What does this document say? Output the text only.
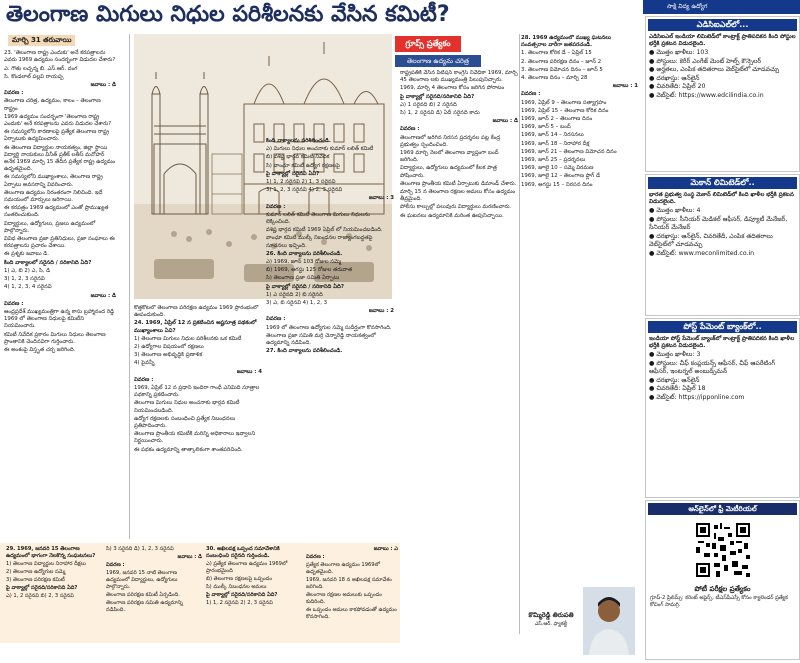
తెలంగాణ మిగులు నిధుల పరిశీలనకు వేసిన కమిటీ?
మార్చి 31 తరువాయి

23. 'తెలంగాణ రాష్ట్ర ఎందుకు' అనే కరపత్రాలను ఎవరు 1969 ఉద్యమం సందర్భంగా విడుదల చేశారు?

ఎ. గౌతు లచ్చన్న బి. ఎస్‌.ఆర్‌. దంగ

సి. కొండలాల్ పల్లవి రాయప్ప

జవాబు : డి

వివరణ :

తెలంగాణ చరిత్ర, ఉద్యమం, కాలం – తెలంగాణ రాష్ట్రం

1969 ఉద్యమం సందర్భంగా 'తెలంగాణ రాష్ట్ర ఎందుకు' అనే కరపత్రాలను ఎవరు విడుదల చేశారు?

ఈ సమస్యలోని కారణాలపై ప్రత్యేక తెలంగాణ రాష్ట్ర ఏర్పాటుకు ఉద్యమించారు.

ఈ తెలంగాణ విద్యార్థుల నాయకత్వం, జిల్లా స్థాయి విద్యార్థి నాయకులు వినీత్ ప్రతీక్ లతీస్ మనోహర్ అనేక 1969 మార్చి 15 తేదీన ప్రత్యేక రాష్ట్ర ఉద్యమం ఉధృతమైంది.

ఈ సమస్యలోని ముఖ్యాంశాలు, తెలంగాణ రాష్ట్ర ఏర్పాటు అవసరాన్ని వివరించారు.

తెలంగాణ ఉద్యమం నిరంతరంగా నిలిచింది. ఇదే సమయంలో మార్పులు జరిగాయి.

ఈ కరపత్రం 1969 ఉద్యమంలో ఎంతో ప్రాముఖ్యత సంతరించుకుంది.

విద్యార్థులు, ఉద్యోగులు, ప్రజలు ఉద్యమంలో పాల్గొన్నారు.

వివిధ తెలంగాణ ప్రజా ప్రతినిధులు, ప్రజా సంఘాలు ఈ కరపత్రాలను ప్రచారం చేశాయి.

ఈ ప్రశ్నకు జవాబు డి.

కింది వాక్యాలలో సరైనది / సరికానిది ఏది?

1) ఎ, బి 2) ఎ, సి, డి

3) 1, 2, 3 సరైనవి

4) 1, 2, 3, 4 సరైనవి

జవాబు : డి

వివరణ :

ఆంధ్రప్రదేశ్ ముఖ్యమంత్రిగా ఉన్న కాసు బ్రహ్మానంద రెడ్డి 1969 లో తెలంగాణ నిధులపై కమిటీని నియమించారు.

కమిటీ నివేదిక ప్రకారం మిగులు నిధులు తెలంగాణ ప్రాంతానికి చెందినవిగా గుర్తించారు.

ఈ అంశంపై విస్తృత చర్చ జరిగింది.

గ్రూప్స్ ప్రత్యేకం
తెలంగాణ ఉద్యమ చరిత్ర

కొత్తకోటలో తెలంగాణ పరిరక్షణ ఉద్యమం 1969 ప్రారంభంలో ఊపందుకుంది.

24. 1969, ఏప్రిల్ 12 న ప్రకటించిన అష్టసూత్ర పథకంలో ముఖ్యాంశాలు ఏవి?

1) తెలంగాణ మిగులు నిధుల పరిశీలనకు ఒక కమిటీ

2) ఉద్యోగాల విషయంలో రక్షణలు

3) తెలంగాణ అభివృద్ధికి ప్రణాళిక

4) పైవన్నీ

జవాబు : 4

వివరణ :

1969, ఏప్రిల్ 12 న ప్రధాని ఇందిరా గాంధీ ఎనిమిది సూత్రాల పథకాన్ని ప్రకటించారు.

తెలంగాణ మిగులు నిధుల అంచనాకు భార్గవ కమిటీ నియమించబడింది.

ఉద్యోగ రక్షణలకు సంబంధించి ప్రత్యేక నిబంధనలు ప్రతిపాదించారు.

తెలంగాణ ప్రాంతీయ కమిటీకి మరిన్ని అధికారాలు ఇవ్వాలని నిర్ణయించారు.

ఈ పథకం ఉద్యమాన్ని తాత్కాలికంగా శాంతపరిచింది.

కింది వాక్యాలను పరిశీలించండి.

ఎ) మిగులు నిధుల అంచనాకు కుమార్ లలిత్ కమిటీ

బి) వశిష్ట భార్గవ కమిటీ నివేదిక

సి) వాంఛూ కమిటీ ఉద్యోగ రక్షణలపై

పై వాక్యాల్లో సరైనవి ఏవి?

1) 1, 2 సరైనవి 2) 1, 3 సరైనవి

3) 1, 2, 3 సరైనవి 4) 2, 3 సరైనవి

జవాబు : 3

వివరణ :

కుమార్ లలిత్ కమిటీ తెలంగాణ మిగులు నిధులను లెక్కించింది.

వశిష్ట భార్గవ కమిటీ 1969 ఏప్రిల్ లో నియమించబడింది.

వాంఛూ కమిటీ ముల్కీ నిబంధనల రాజ్యాంగబద్ధతపై సూచనలు ఇచ్చింది.

26. కింది వాక్యాలను పరిశీలించండి.

ఎ) 1969, జూన్ 103 రోజుల సమ్మె

బి) 1969, ఆగస్టు 125 రోజుల తరువాత

సి) తెలంగాణ ప్రజా సమితి ఏర్పాటు

పై వాక్యాల్లో సరైనది / సరికానిది ఏది?

1) ఎ సరైనది 2) బి సరైనది

3) ఎ, బి సరైనవి 4) 1, 2, 3

జవాబు : 2

వివరణ :

1969 లో తెలంగాణ ఉద్యోగుల సమ్మె సుదీర్ఘంగా కొనసాగింది.

తెలంగాణ ప్రజా సమితి మర్రి చెన్నారెడ్డి నాయకత్వంలో ఉద్యమాన్ని నడిపింది.

27. కింది వాక్యాలను పరిశీలించండి.

రాష్ట్రపతికి వేసిన పిటిషన్ కాంగ్రెస్ నివేదికా 1969, మార్చి 45 తెలంగాణ లకు ముఖ్యమంత్రి పిలుపునిచ్చారు.

1969, మార్చి 4 తెలంగాణ కోసం జరిగిన పోరాటం

పై వాక్యాల్లో సరైనది/సరికానిది ఏది?

ఎ) 1 సరైనది బి) 2 సరైనది

సి) 1, 2 సరైనవి డి) ఏదీ సరైనది కాదు

జవాబు : డి

వివరణ :

తెలంగాణలో జరిగిన నిరసన ప్రదర్శనల పట్ల కేంద్ర ప్రభుత్వం స్పందించింది.

1969 మార్చి నెలలో తెలంగాణ వ్యాప్తంగా బంద్ జరిగింది.

విద్యార్థులు, ఉద్యోగులు ఉద్యమంలో కీలక పాత్ర పోషించారు.

తెలంగాణ ప్రాంతీయ కమిటీ ఏర్పాటుకు డిమాండ్ చేశారు.

మార్చి 15 న తెలంగాణ రక్షణల అమలు కోసం ఉద్యమం తీవ్రమైంది.

పోలీసు కాల్పుల్లో పలువురు విద్యార్థులు మరణించారు.

ఈ ఘటనలు ఉద్యమానికి మరింత ఊపునిచ్చాయి.

28. 1969 ఉద్యమంలో ముఖ్య ఘటనలు సంవత్సరాల వారీగా జతపరచండి.

1. తెలంగాణ కోరిక డే – ఏప్రిల్ 15

2. తెలంగాణ పరిరక్షణ దినం – జూన్ 2

3. తెలంగాణ విమోచన దినం – జూన్ 5

4. తెలంగాణ దినం – మార్చి 28

జవాబు : 1

వివరణ :

1969, ఏప్రిల్ 9 – తెలంగాణ సత్యాగ్రహం

1969, ఏప్రిల్ 15 – తెలంగాణ కోరిక దినం

1969, జూన్ 2 – తెలంగాణ దినం

1969, జూన్ 5 – బంద్

1969, జూన్ 14 – నిరసనలు

1969, జూన్ 18 – నిరాహార దీక్ష

1969, జూన్ 21 – తెలంగాణ విమోచన దినం

1969, జూన్ 25 – ప్రదర్శనలు

1969, జూలై 10 – సమ్మె విరమణ

1969, జూలై 12 – తెలంగాణ ఫ్లాగ్ డే

1969, ఆగస్టు 15 – నిరసన దినం

29. 1969, జనవరి 15 తెలంగాణ ఉద్యమంలో భాగంగా నెలకొన్న సంఘటనలు?

1) తెలంగాణ విద్యార్థుల నిరాహార దీక్షలు

2) తెలంగాణ ఉద్యోగుల సమ్మె

3) తెలంగాణ పరిరక్షణ కమిటీ

పై వాక్యాల్లో సరైనది/సరికానిది ఏది?

ఎ) 1, 2 సరైనవి బి) 2, 3 సరైనవి

సి) 3 సరైనది డి) 1, 2, 3 సరైనవి

జవాబు : డి

వివరణ :

1969, జనవరి 15 నాటి తెలంగాణ ఉద్యమంలో విద్యార్థులు, ఉద్యోగులు పాల్గొన్నారు.

తెలంగాణ పరిరక్షణ కమిటీ ఏర్పడింది.

తెలంగాణ పరిరక్షణ సమితి ఉద్యమాన్ని నడిపింది.

30. అఖిలపక్ష ఒప్పంద సమావేశానికి సంబంధించి సరైనది గుర్తించండి.

ఎ) ప్రత్యేక తెలంగాణ ఉద్యమం 1969లో ప్రారంభమైంది

బి) తెలంగాణ రక్షణలపై ఒప్పందం

సి) ముల్కీ నిబంధనల అమలు

పై వాక్యాల్లో సరైనది/సరికానిది ఏది?

1) 1, 2 సరైనవి 2) 2, 3 సరైనవి

జవాబు : ఎ

వివరణ :

ప్రత్యేక తెలంగాణ ఉద్యమం 1969లో ఉధృతమైంది.

1969, జనవరి 18 న అఖిలపక్ష సమావేశం జరిగింది.

తెలంగాణ రక్షణల అమలుకు ఒప్పందం కుదిరింది.

ఈ ఒప్పందం అమలు కాకపోవడంతో ఉద్యమం కొనసాగింది.	కొమ్మిరెడ్డి తిరుపతి
ఎస్‌.ఆర్‌. ఫ్యాకల్టీ
సాక్షి విద్య ఉద్యోగ
ఎడిసిఐఎల్‌లో...
ఎడిసిఐఎల్ ఇండియా లిమిటెడ్‌లో కాంట్రాక్ట్ ప్రాతిపదికన కింది పోస్టుల భర్తీకి ప్రకటన విడుదలైంది.

● మొత్తం ఖాళీలు: 103

● పోస్టులు: కెరీర్ ఎంగేజ్ మెంట్ హెల్ప్ కౌన్సెలర్

● అర్హతలు, ఎంపిక తదితరాలు వెబ్‌సైట్‌లో చూడవచ్చు

● దరఖాస్తు: ఆన్‌లైన్

● చివరితేది: ఏప్రిల్ 20

● వెబ్‌సైట్: https://www.edcilindia.co.in

మెకాన్ లిమిటెడ్‌లో..
భారత ప్రభుత్వ సంస్థ మెకాన్ లిమిటెడ్‌లో కింది ఖాళీల భర్తీకి ప్రకటన విడుదలైంది.

● మొత్తం ఖాళీలు: 4

● పోస్టులు: సీనియర్ మెడికల్ ఆఫీసర్, డిప్యూటీ మేనేజర్, సీనియర్ మేనేజర్

● దరఖాస్తు: ఆన్‌లైన్, చివరితేదీ, ఎంపిక తదితరాలు వెబ్‌సైట్‌లో చూడవచ్చు

● వెబ్‌సైట్: www.meconlimited.co.in

పోస్ట్ పేమెంట్ బ్యాంక్‌లో..
ఇండియా పోస్ట్ పేమెంట్ బ్యాంక్‌లో కాంట్రాక్ట్ ప్రాతిపదికన కింది ఖాళీల భర్తీకి ప్రకటన విడుదలైంది.

● మొత్తం ఖాళీలు: 3

● పోస్టులు: చీఫ్ కంప్లయన్స్ ఆఫీసర్, చీఫ్ ఆపరేటింగ్ ఆఫీసర్, ఇంటర్నల్ అంబుడ్స్‌మన్

● దరఖాస్తు: ఆన్‌లైన్

● చివరితేదీ: ఏప్రిల్ 18

● వెబ్‌సైట్: https://ipponline.com

ఆన్‌లైన్‌లో ఫ్రీ మెటీరియల్
పోటీ పరీక్షల ప్రత్యేకం
గ్రూప్-2 ప్రిలిమ్స్: కరెంట్ అఫైర్స్, టీఎస్‌పీఎస్సీ కోసం క్యాలెండర్ ప్రత్యేక కోచింగ్ సామగ్రి.
